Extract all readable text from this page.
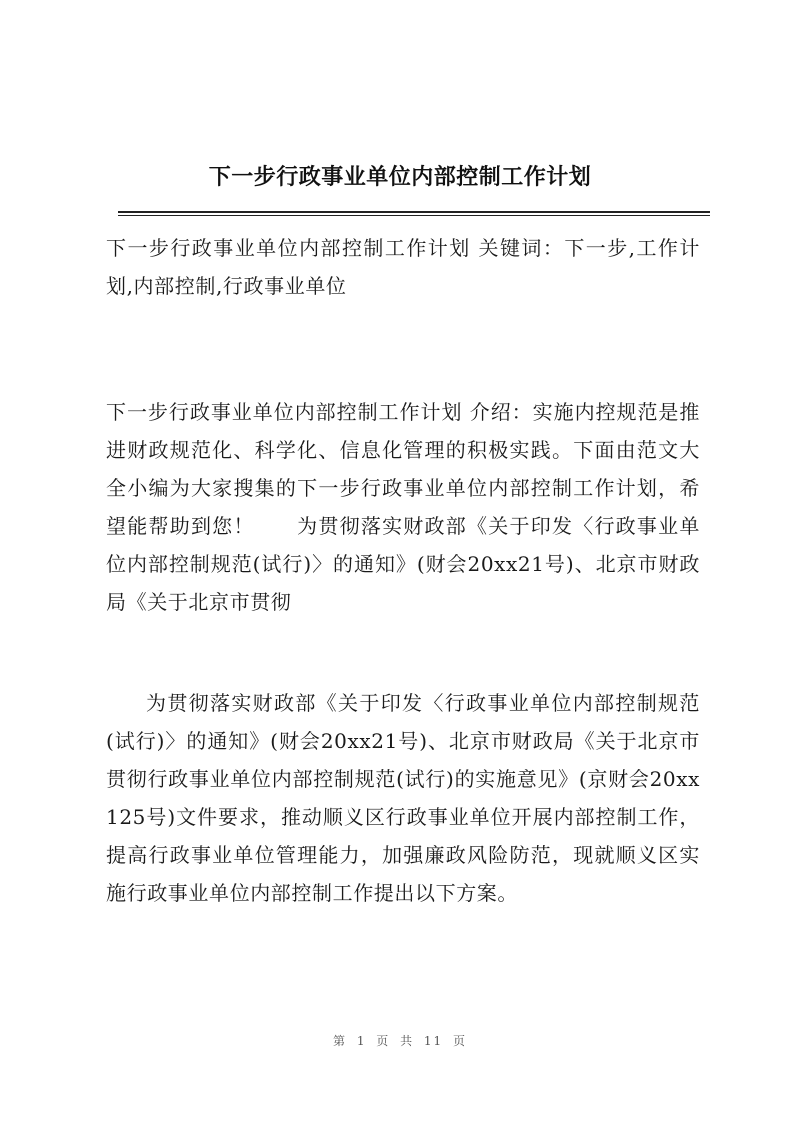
下一步行政事业单位内部控制工作计划

下一步行政事业单位内部控制工作计划 关键词：下一步,工作计划,内部控制,行政事业单位

下一步行政事业单位内部控制工作计划 介绍：实施内控规范是推进财政规范化、科学化、信息化管理的积极实践。下面由范文大全小编为大家搜集的下一步行政事业单位内部控制工作计划，希望能帮助到您！　　为贯彻落实财政部《关于印发〈行政事业单位内部控制规范(试行)〉的通知》(财会20xx21号)、北京市财政局《关于北京市贯彻

为贯彻落实财政部《关于印发〈行政事业单位内部控制规范(试行)〉的通知》(财会20xx21号)、北京市财政局《关于北京市贯彻行政事业单位内部控制规范(试行)的实施意见》(京财会20xx125号)文件要求，推动顺义区行政事业单位开展内部控制工作，提高行政事业单位管理能力，加强廉政风险防范，现就顺义区实施行政事业单位内部控制工作提出以下方案。

第 1 页 共 11 页
